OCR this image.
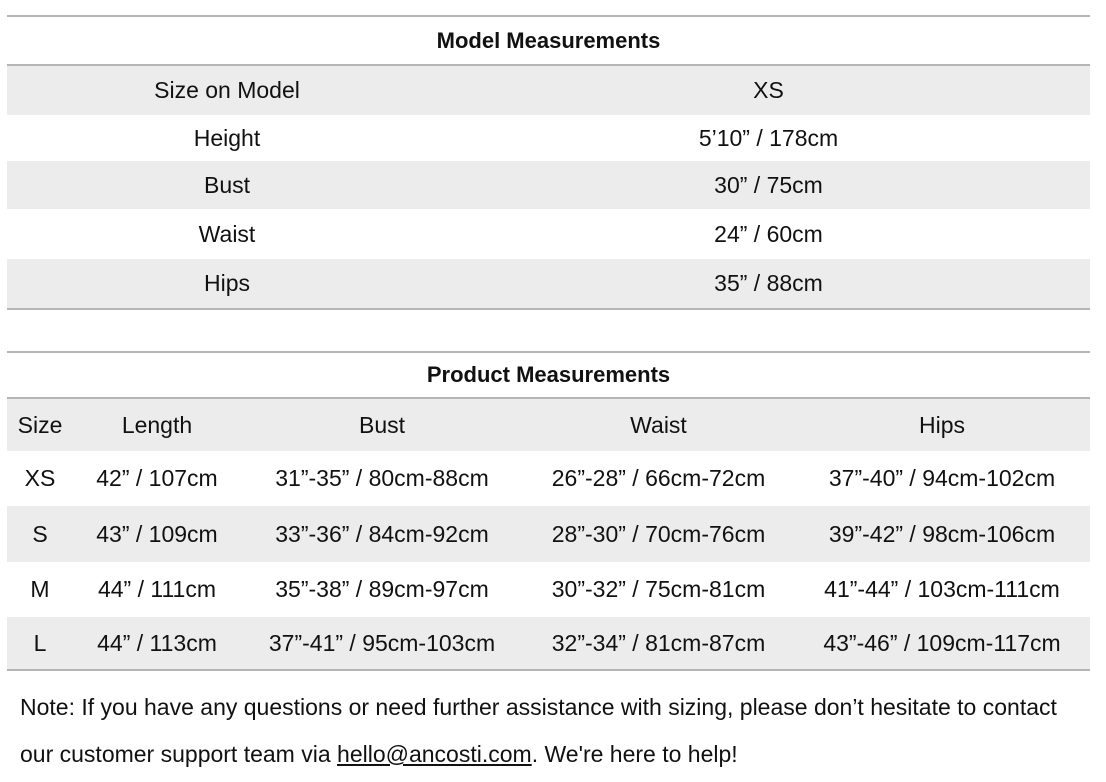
Model Measurements
Size on Model	XS
Height	5’10” / 178cm
Bust	30” / 75cm
Waist	24” / 60cm
Hips	35” / 88cm
Product Measurements
Size	Length	Bust	Waist	Hips
XS	42” / 107cm	31”-35” / 80cm-88cm	26”-28” / 66cm-72cm	37”-40” / 94cm-102cm
S	43” / 109cm	33”-36” / 84cm-92cm	28”-30” / 70cm-76cm	39”-42” / 98cm-106cm
M	44” / 111cm	35”-38” / 89cm-97cm	30”-32” / 75cm-81cm	41”-44” / 103cm-111cm
L	44” / 113cm	37”-41” / 95cm-103cm	32”-34” / 81cm-87cm	43”-46” / 109cm-117cm
Note: If you have any questions or need further assistance with sizing, please don’t hesitate to contact our customer support team via hello@ancosti.com. We're here to help!
